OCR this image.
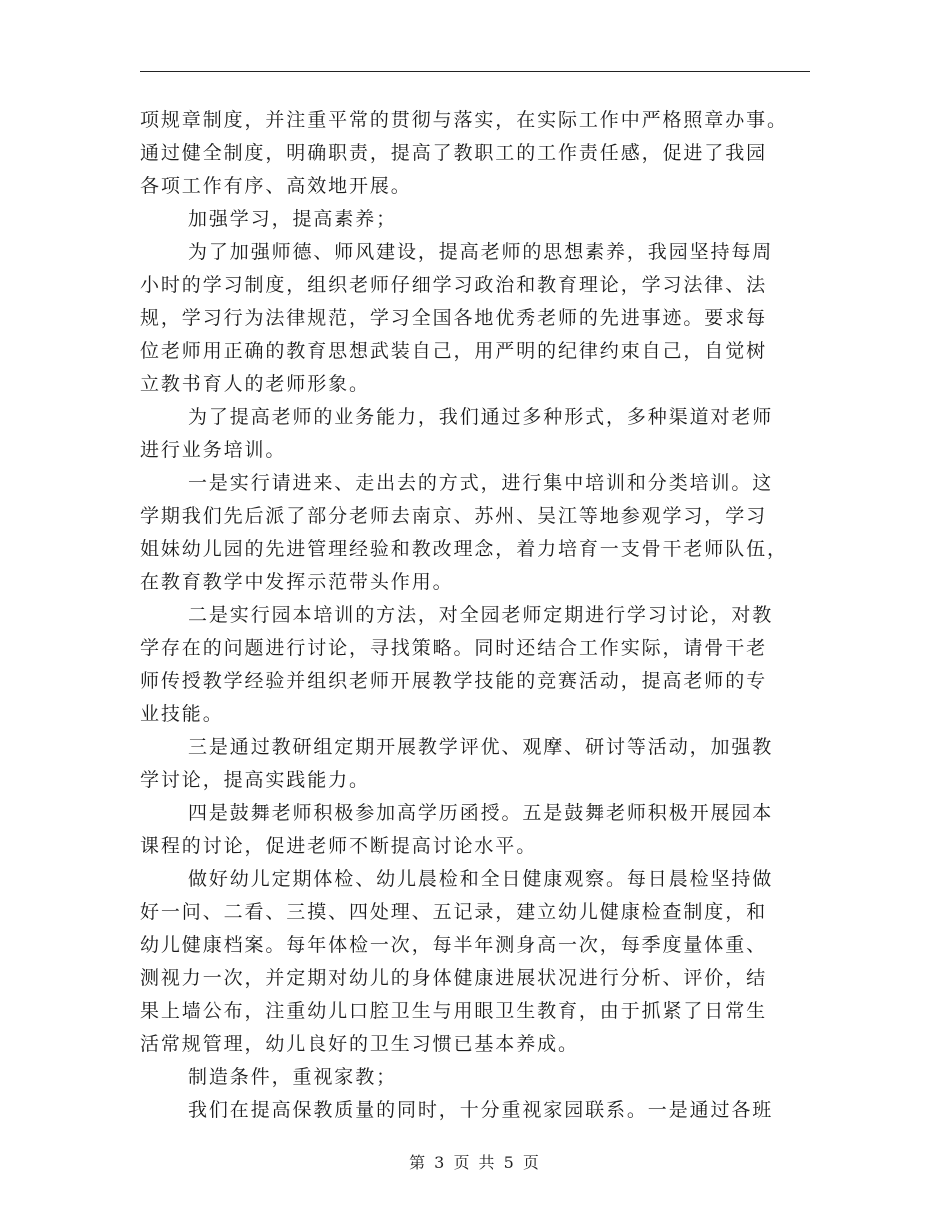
项规章制度，并注重平常的贯彻与落实，在实际工作中严格照章办事。
通过健全制度，明确职责，提高了教职工的工作责任感，促进了我园
各项工作有序、高效地开展。
加强学习，提高素养；
为了加强师德、师风建设，提高老师的思想素养，我园坚持每周
小时的学习制度，组织老师仔细学习政治和教育理论，学习法律、法
规，学习行为法律规范，学习全国各地优秀老师的先进事迹。要求每
位老师用正确的教育思想武装自己，用严明的纪律约束自己，自觉树
立教书育人的老师形象。
为了提高老师的业务能力，我们通过多种形式，多种渠道对老师
进行业务培训。
一是实行请进来、走出去的方式，进行集中培训和分类培训。这
学期我们先后派了部分老师去南京、苏州、吴江等地参观学习，学习
姐妹幼儿园的先进管理经验和教改理念，着力培育一支骨干老师队伍，
在教育教学中发挥示范带头作用。
二是实行园本培训的方法，对全园老师定期进行学习讨论，对教
学存在的问题进行讨论，寻找策略。同时还结合工作实际，请骨干老
师传授教学经验并组织老师开展教学技能的竞赛活动，提高老师的专
业技能。
三是通过教研组定期开展教学评优、观摩、研讨等活动，加强教
学讨论，提高实践能力。
四是鼓舞老师积极参加高学历函授。五是鼓舞老师积极开展园本
课程的讨论，促进老师不断提高讨论水平。
做好幼儿定期体检、幼儿晨检和全日健康观察。每日晨检坚持做
好一问、二看、三摸、四处理、五记录，建立幼儿健康检查制度，和
幼儿健康档案。每年体检一次，每半年测身高一次，每季度量体重、
测视力一次，并定期对幼儿的身体健康进展状况进行分析、评价，结
果上墙公布，注重幼儿口腔卫生与用眼卫生教育，由于抓紧了日常生
活常规管理，幼儿良好的卫生习惯已基本养成。
制造条件，重视家教；
我们在提高保教质量的同时，十分重视家园联系。一是通过各班
第 3 页 共 5 页
